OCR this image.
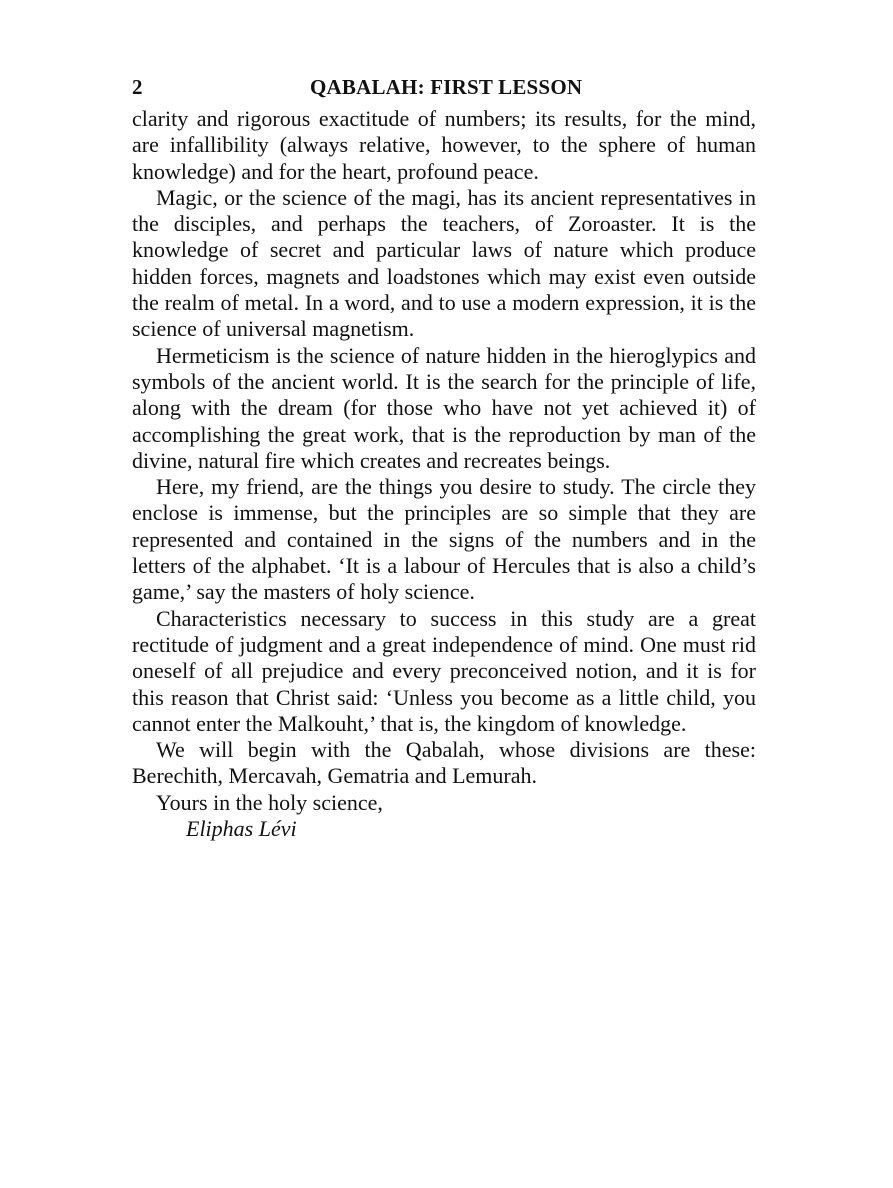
2	QABALAH: FIRST LESSON

clarity and rigorous exactitude of numbers; its results, for the mind, are infallibility (always relative, however, to the sphere of human knowledge) and for the heart, profound peace.

Magic, or the science of the magi, has its ancient representatives in the disciples, and perhaps the teachers, of Zoroaster. It is the knowledge of secret and particular laws of nature which produce hidden forces, magnets and loadstones which may exist even outside the realm of metal. In a word, and to use a modern expression, it is the science of universal magnetism.

Hermeticism is the science of nature hidden in the hieroglypics and symbols of the ancient world. It is the search for the principle of life, along with the dream (for those who have not yet achieved it) of accomplishing the great work, that is the reproduction by man of the divine, natural fire which creates and recreates beings.

Here, my friend, are the things you desire to study. The circle they enclose is immense, but the principles are so simple that they are represented and contained in the signs of the numbers and in the letters of the alphabet. ‘It is a labour of Hercules that is also a child’s game,’ say the masters of holy science.

Characteristics necessary to success in this study are a great rectitude of judgment and a great independence of mind. One must rid oneself of all prejudice and every preconceived notion, and it is for this reason that Christ said: ‘Unless you become as a little child, you cannot enter the Malkouht,’ that is, the kingdom of knowledge.

We will begin with the Qabalah, whose divisions are these: Berechith, Mercavah, Gematria and Lemurah.

Yours in the holy science,

Eliphas Lévi
